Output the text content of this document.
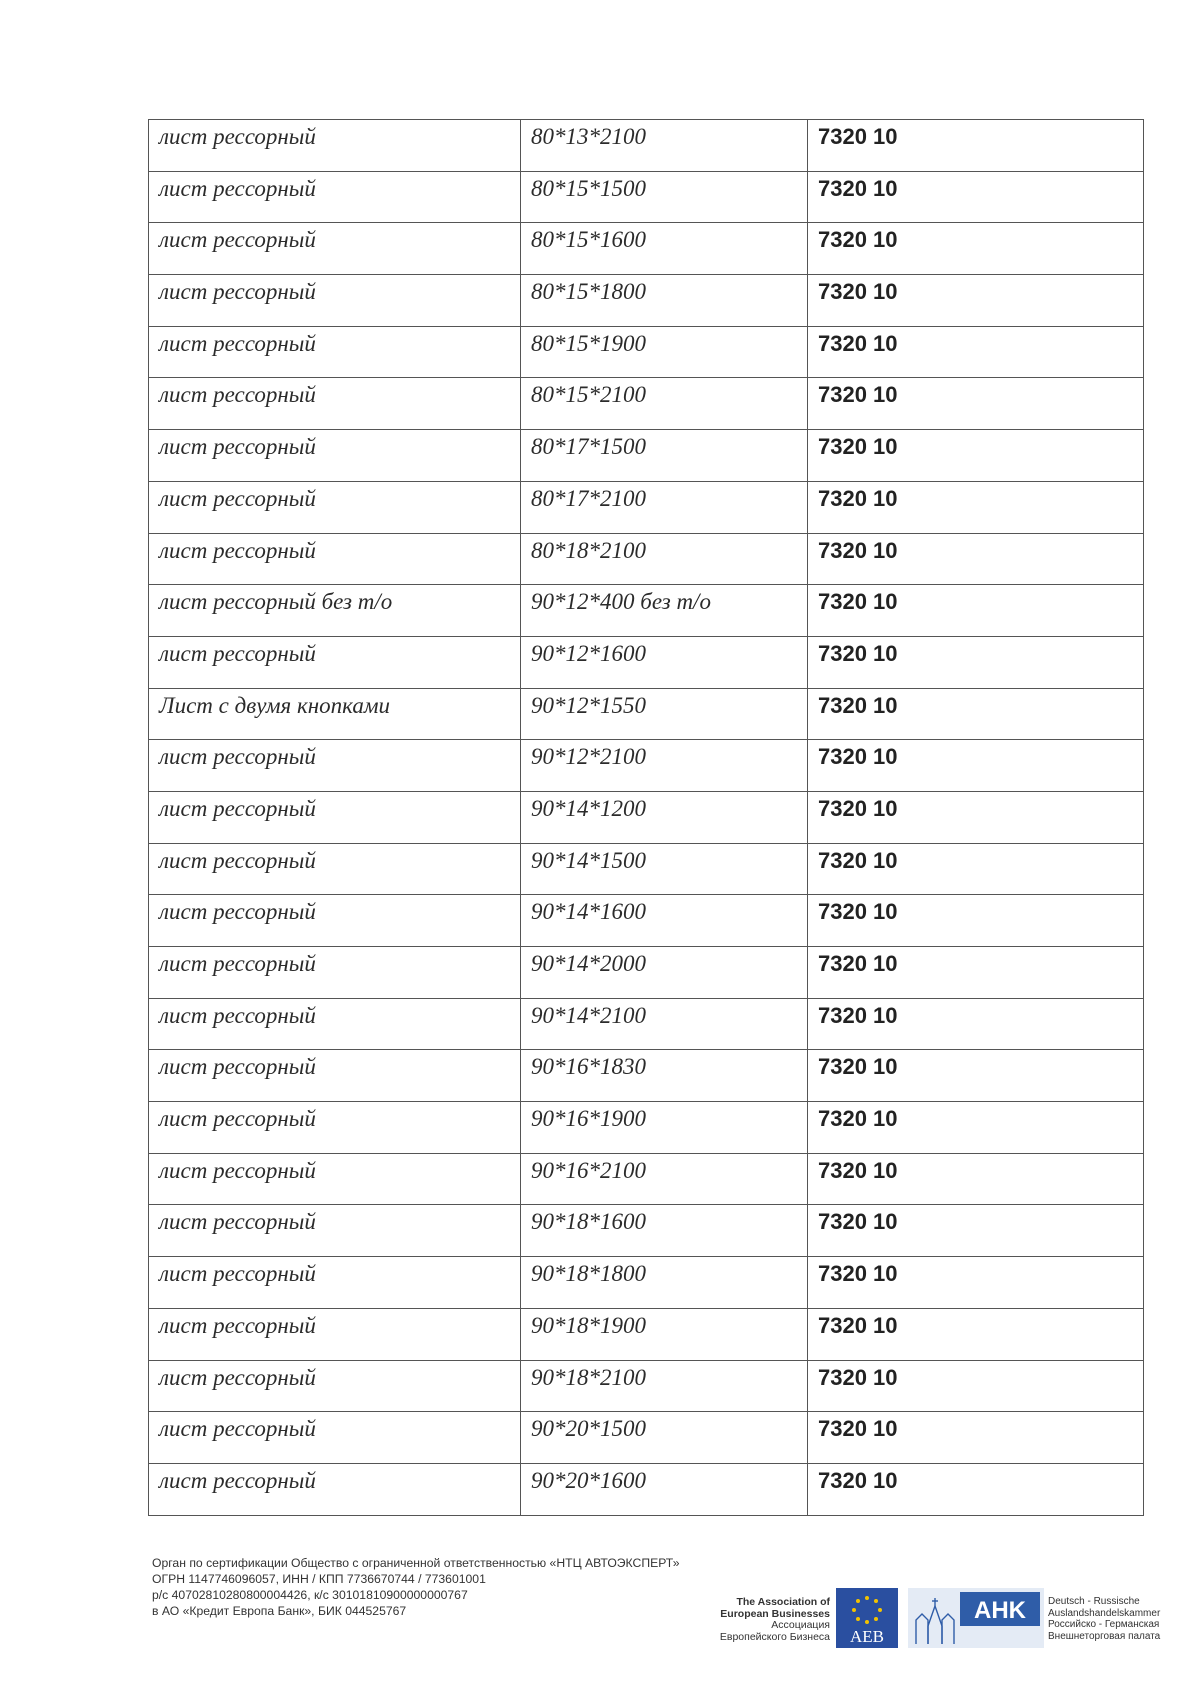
лист рессорный	80*13*2100	7320 10
лист рессорный	80*15*1500	7320 10
лист рессорный	80*15*1600	7320 10
лист рессорный	80*15*1800	7320 10
лист рессорный	80*15*1900	7320 10
лист рессорный	80*15*2100	7320 10
лист рессорный	80*17*1500	7320 10
лист рессорный	80*17*2100	7320 10
лист рессорный	80*18*2100	7320 10
лист рессорный без т/о	90*12*400 без т/о	7320 10
лист рессорный	90*12*1600	7320 10
Лист с двумя кнопками	90*12*1550	7320 10
лист рессорный	90*12*2100	7320 10
лист рессорный	90*14*1200	7320 10
лист рессорный	90*14*1500	7320 10
лист рессорный	90*14*1600	7320 10
лист рессорный	90*14*2000	7320 10
лист рессорный	90*14*2100	7320 10
лист рессорный	90*16*1830	7320 10
лист рессорный	90*16*1900	7320 10
лист рессорный	90*16*2100	7320 10
лист рессорный	90*18*1600	7320 10
лист рессорный	90*18*1800	7320 10
лист рессорный	90*18*1900	7320 10
лист рессорный	90*18*2100	7320 10
лист рессорный	90*20*1500	7320 10
лист рессорный	90*20*1600	7320 10
Орган по сертификации Общество с ограниченной ответственностью «НТЦ АВТОЭКСПЕРТ»
ОГРН 1147746096057, ИНН / КПП 7736670744 / 773601001
р/с 40702810280800004426, к/с 30101810900000000767
в АО «Кредит Европа Банк», БИК 044525767
The Association of
European Businesses
Ассоциация
Европейского Бизнеса AEB
AHK Deutsch - Russische
Auslandshandelskammer
Российско - Германская
Внешнеторговая палата
